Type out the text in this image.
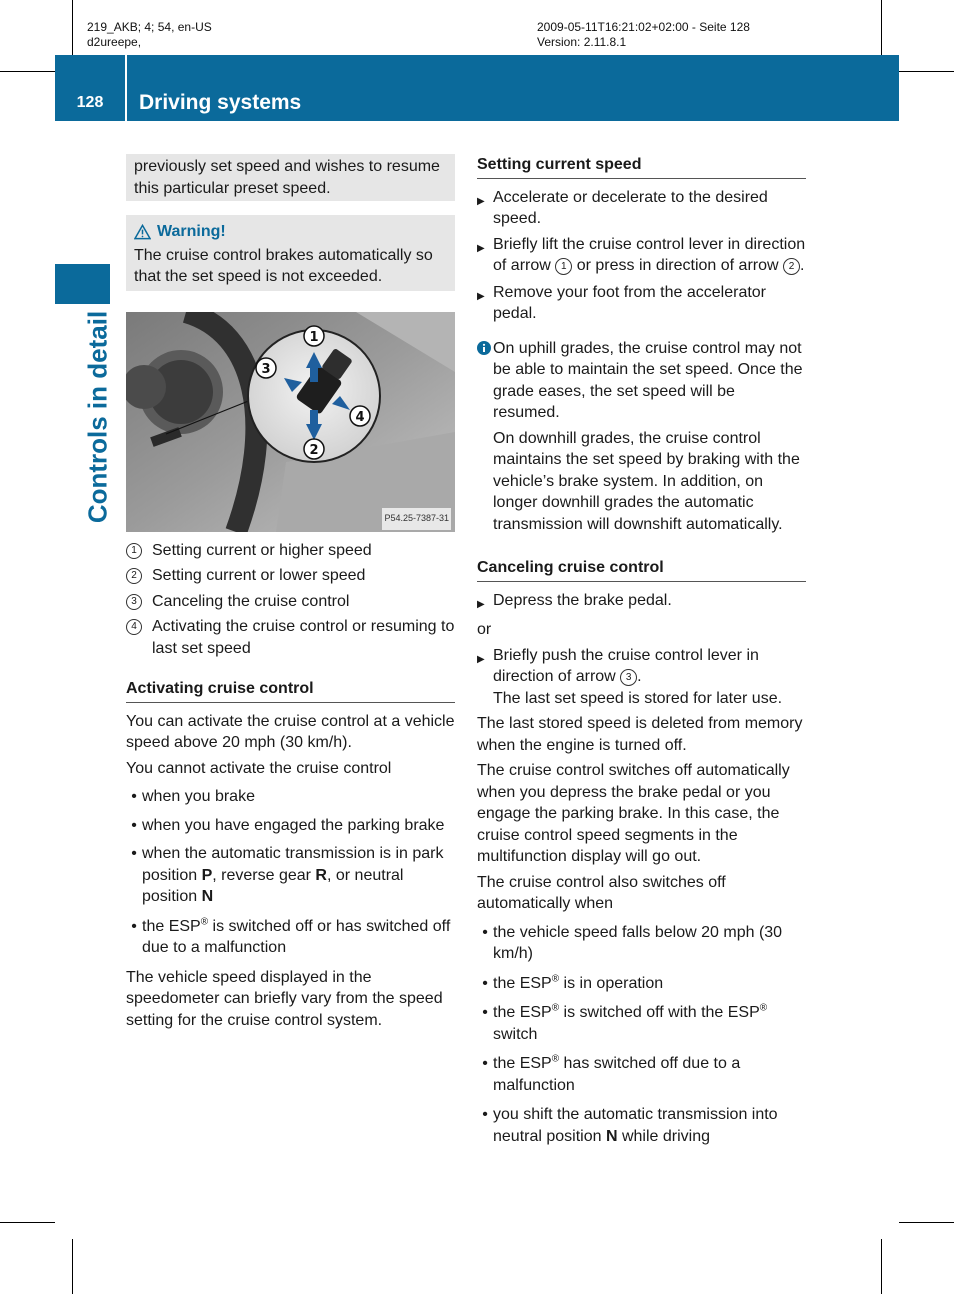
219_AKB; 4; 54, en-US
d2ureepe,
2009-05-11T16:21:02+02:00 - Seite 128
Version: 2.11.8.1
128	Driving systems
Controls in detail

previously set speed and wishes to resume this particular preset speed.

Warning!

The cruise control brakes automatically so that the set speed is not exceeded.

1
2
3
4
P54.25-7387-31
1 Setting current or higher speed
2 Setting current or lower speed
3 Canceling the cruise control
4 Activating the cruise control or resuming to last set speed
Activating cruise control

You can activate the cruise control at a vehicle speed above 20 mph (30 km/h).

You cannot activate the cruise control

• when you brake
• when you have engaged the parking brake
• when the automatic transmission is in park position P, reverse gear R, or neutral position N
• the ESP® is switched off or has switched off due to a malfunction

The vehicle speed displayed in the speedometer can briefly vary from the speed setting for the cruise control system.

Setting current speed
▶ Accelerate or decelerate to the desired speed.
▶ Briefly lift the cruise control lever in direction of arrow 1 or press in direction of arrow 2 .
▶ Remove your foot from the accelerator pedal.
On uphill grades, the cruise control may not be able to maintain the set speed. Once the grade eases, the set speed will be resumed.

On downhill grades, the cruise control maintains the set speed by braking with the vehicle’s brake system. In addition, on longer downhill grades the automatic transmission will downshift automatically.

Canceling cruise control
▶ Depress the brake pedal.

or

▶ Briefly push the cruise control lever in direction of arrow 3 .

The last set speed is stored for later use.

The last stored speed is deleted from memory when the engine is turned off.

The cruise control switches off automatically when you depress the brake pedal or you engage the parking brake. In this case, the cruise control speed segments in the multifunction display will go out.

The cruise control also switches off automatically when

• the vehicle speed falls below 20 mph (30 km/h)
• the ESP® is in operation
• the ESP® is switched off with the ESP® switch
• the ESP® has switched off due to a malfunction
• you shift the automatic transmission into neutral position N while driving
